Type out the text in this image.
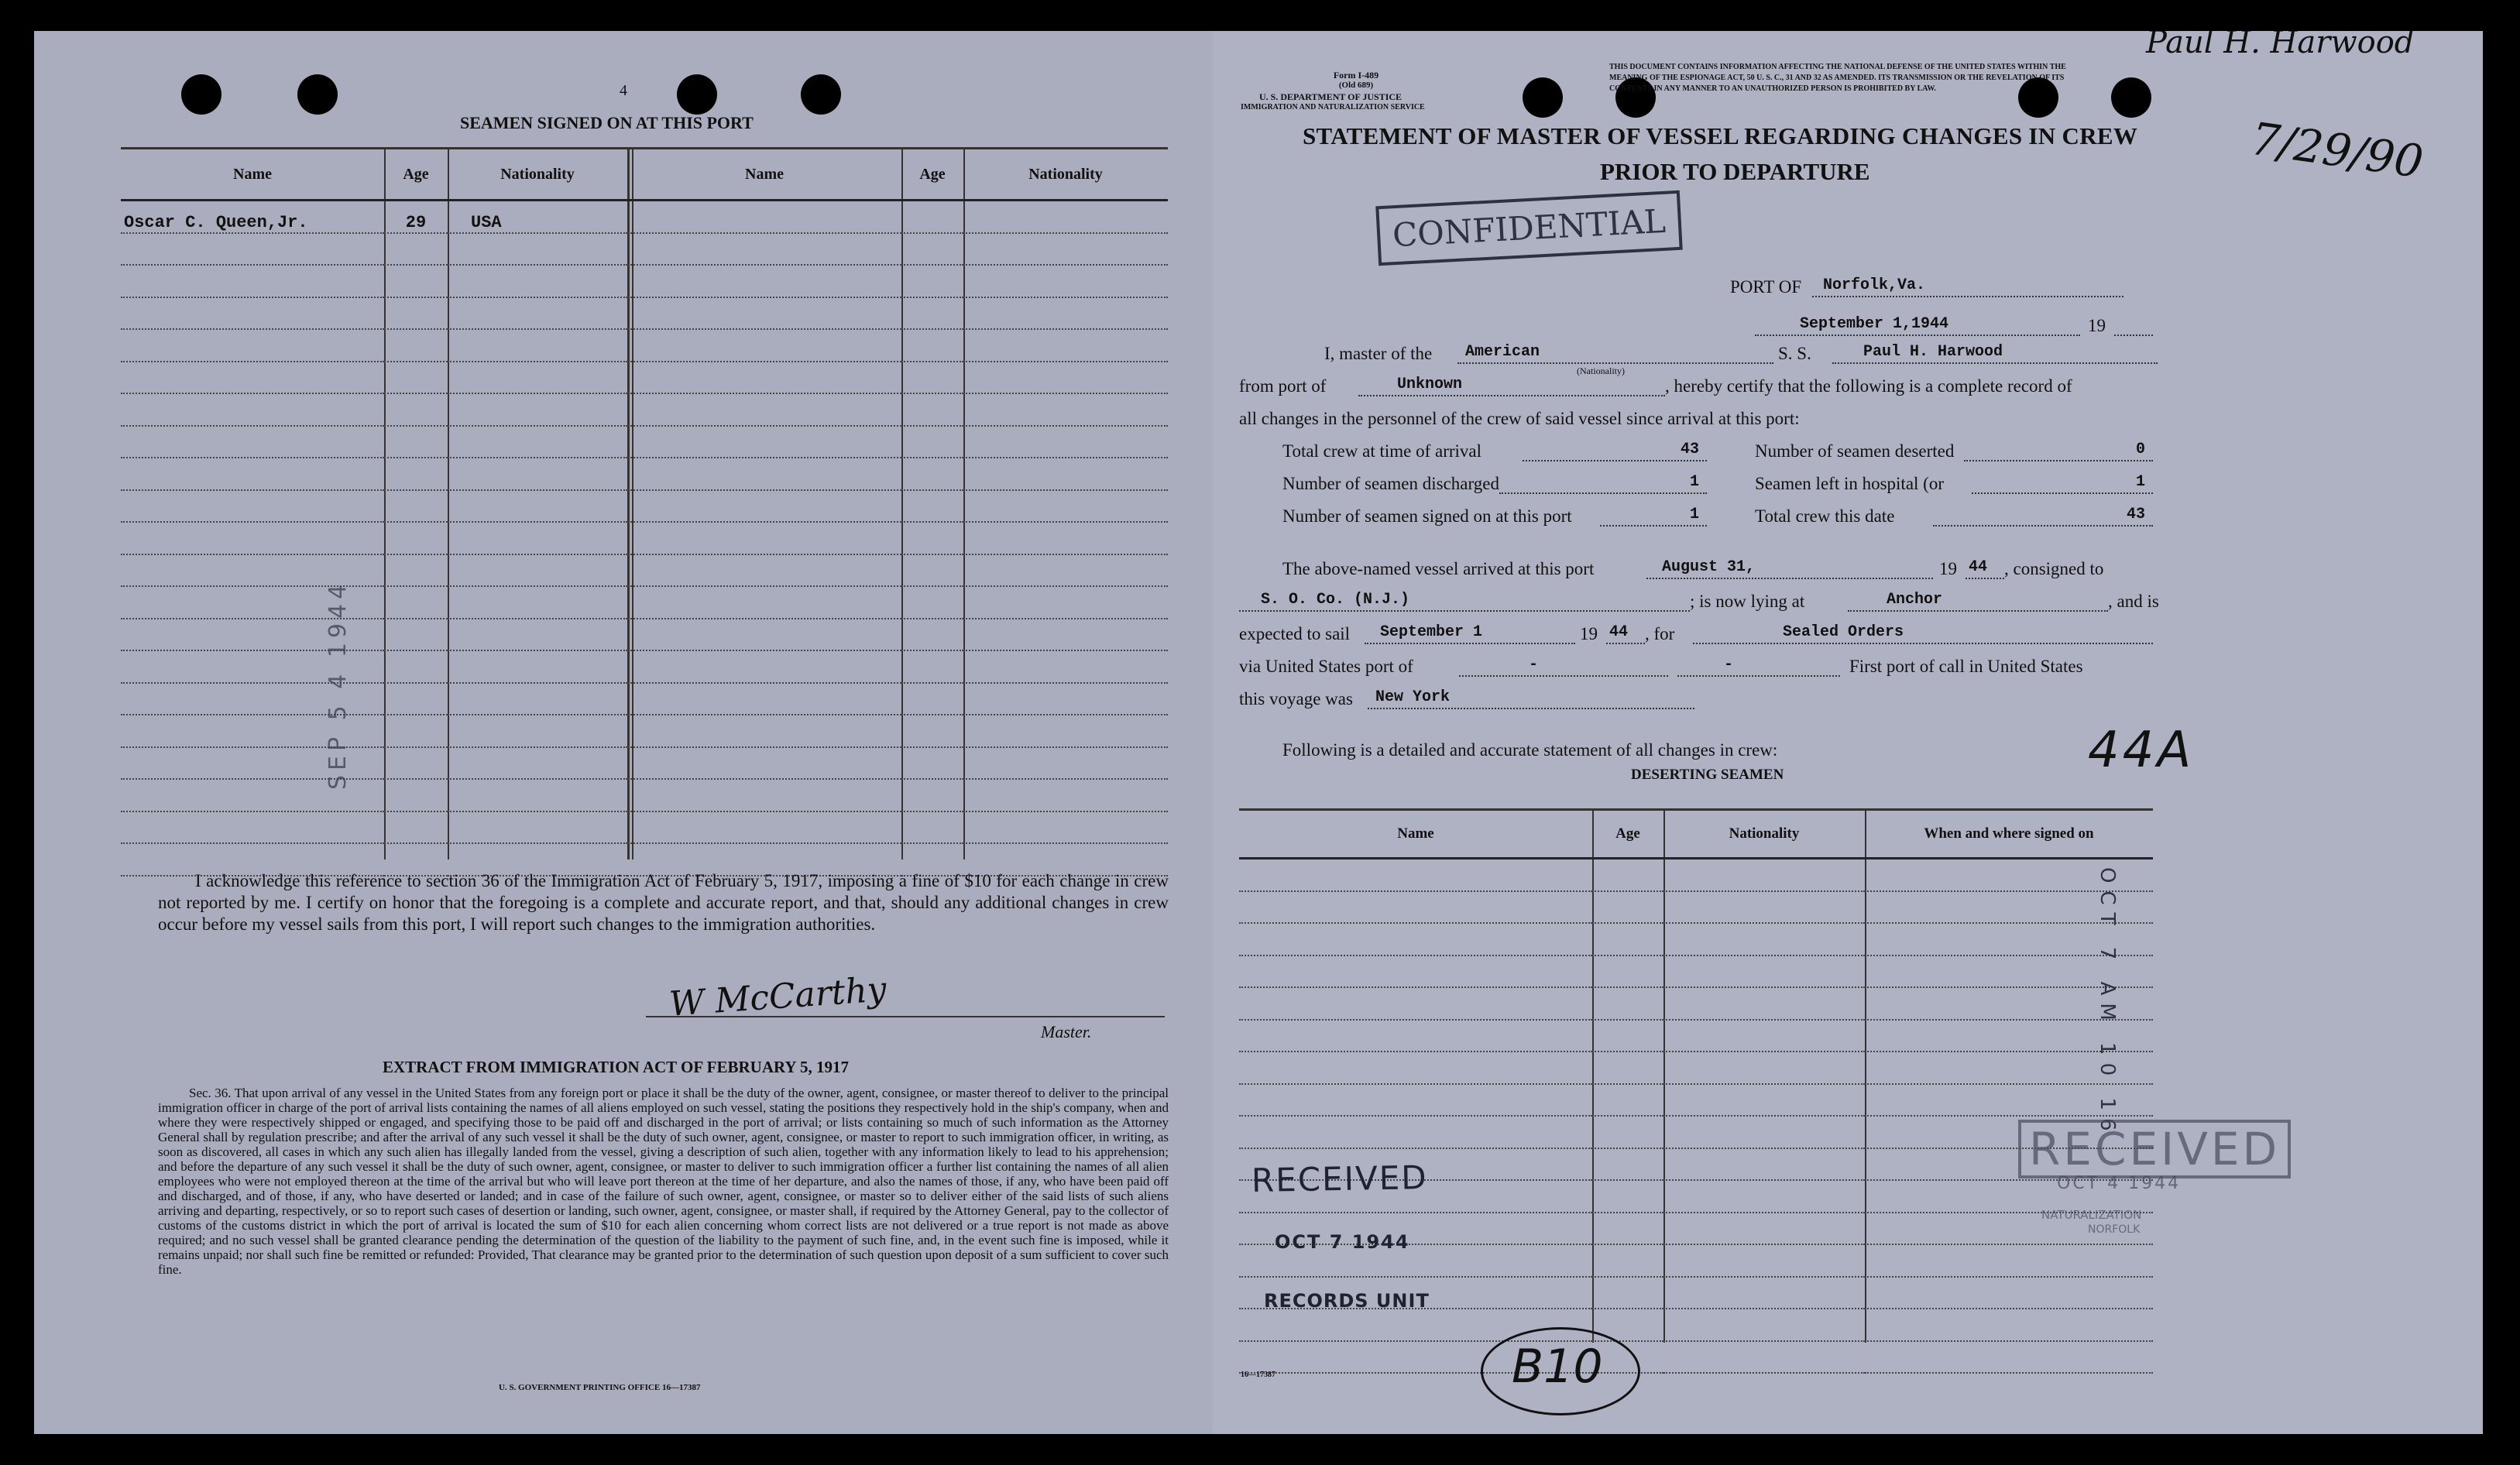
4
SEAMEN SIGNED ON AT THIS PORT
Name	Age	Nationality	Name	Age	Nationality
Oscar C. Queen,Jr.	29	USA			

SEP 5 4 1944
I acknowledge this reference to section 36 of the Immigration Act of February 5, 1917, imposing a fine of $10 for each change in crew not reported by me. I certify on honor that the foregoing is a complete and accurate report, and that, should any additional changes in crew occur before my vessel sails from this port, I will report such changes to the immigration authorities.
W McCarthy
Master.
EXTRACT FROM IMMIGRATION ACT OF FEBRUARY 5, 1917
Sec. 36. That upon arrival of any vessel in the United States from any foreign port or place it shall be the duty of the owner, agent, consignee, or master thereof to deliver to the principal immigration officer in charge of the port of arrival lists containing the names of all aliens employed on such vessel, stating the positions they respectively hold in the ship's company, when and where they were respectively shipped or engaged, and specifying those to be paid off and discharged in the port of arrival; or lists containing so much of such information as the Attorney General shall by regulation prescribe; and after the arrival of any such vessel it shall be the duty of such owner, agent, consignee, or master to report to such immigration officer, in writing, as soon as discovered, all cases in which any such alien has illegally landed from the vessel, giving a description of such alien, together with any information likely to lead to his apprehension; and before the departure of any such vessel it shall be the duty of such owner, agent, consignee, or master to deliver to such immigration officer a further list containing the names of all alien employees who were not employed thereon at the time of the arrival but who will leave port thereon at the time of her departure, and also the names of those, if any, who have been paid off and discharged, and of those, if any, who have deserted or landed; and in case of the failure of such owner, agent, consignee, or master so to deliver either of the said lists of such aliens arriving and departing, respectively, or so to report such cases of desertion or landing, such owner, agent, consignee, or master shall, if required by the Attorney General, pay to the collector of customs of the customs district in which the port of arrival is located the sum of $10 for each alien concerning whom correct lists are not delivered or a true report is not made as above required; and no such vessel shall be granted clearance pending the determination of the question of the liability to the payment of such fine, and, in the event such fine is imposed, while it remains unpaid; nor shall such fine be remitted or refunded: Provided, That clearance may be granted prior to the determination of such question upon deposit of a sum sufficient to cover such fine.
U. S. GOVERNMENT PRINTING OFFICE 16—17387
Form I-489
(Old 689)
U. S. DEPARTMENT OF JUSTICE
IMMIGRATION AND NATURALIZATION SERVICE
THIS DOCUMENT CONTAINS INFORMATION AFFECTING THE NATIONAL DEFENSE OF THE UNITED STATES WITHIN THE MEANING OF THE ESPIONAGE ACT, 50 U. S. C., 31 AND 32 AS AMENDED. ITS TRANSMISSION OR THE REVELATION OF ITS CONTENTS IN ANY MANNER TO AN UNAUTHORIZED PERSON IS PROHIBITED BY LAW.
Paul H. Harwood
7/29/90
STATEMENT OF MASTER OF VESSEL REGARDING CHANGES IN CREW
PRIOR TO DEPARTURE
CONFIDENTIAL
PORT OF Norfolk,Va.
September 1,1944	19
I, master of the American
(Nationality)
S. S.	Paul H. Harwood
from port of	Unknown	, hereby certify that the following is a complete record of
all changes in the personnel of the crew of said vessel since arrival at this port:
Total crew at time of arrival	43	Number of seamen deserted	0
Number of seamen discharged	1	Seamen left in hospital (or	1
Number of seamen signed on at this port	1	Total crew this date	43
The above-named vessel arrived at this port	August 31,	19 44 , consigned to
S. O. Co. (N.J.)	; is now lying at	Anchor	, and is
expected to sail September 1	19 44 , for	Sealed Orders
via United States port of	-	-	First port of call in United States
this voyage was New York
Following is a detailed and accurate statement of all changes in crew:	44A
DESERTING SEAMEN
Name	Age	Nationality	When and where signed on

OCT 7 AM 10 16
RECEIVED
OCT 4 1944
NATURALIZATION
NORFOLK
RECEIVED
OCT 7 1944
RECORDS UNIT
B10
16—17387
